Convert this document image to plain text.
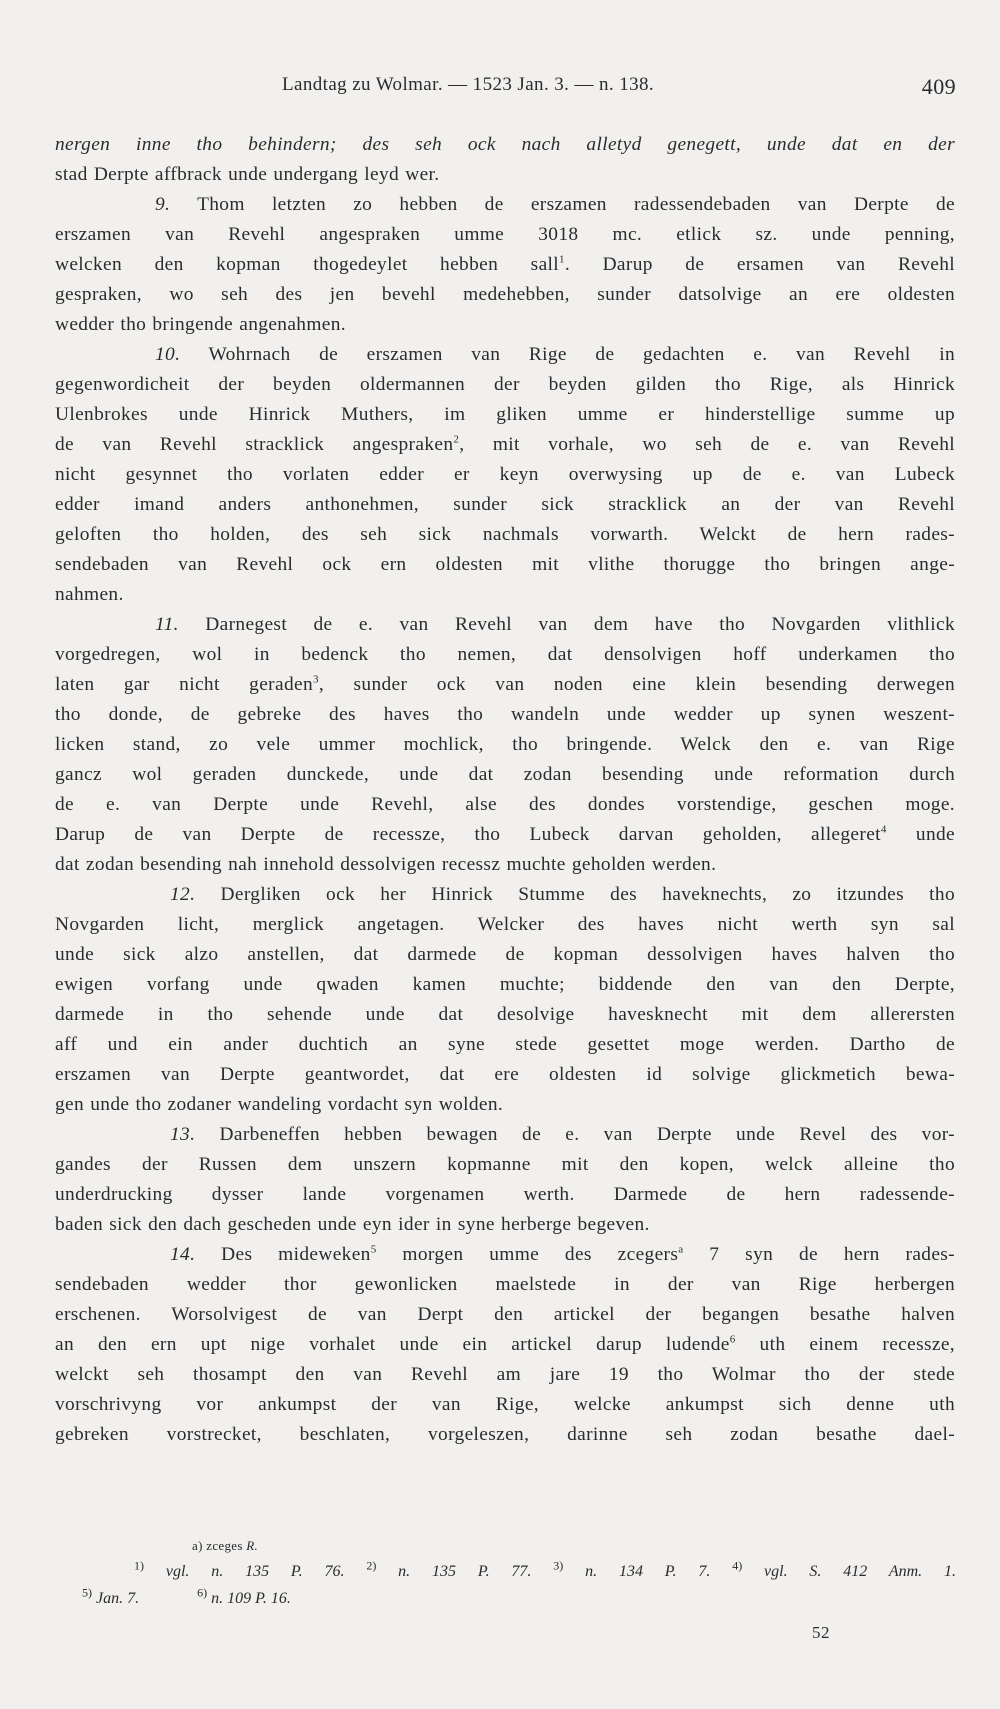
Landtag zu Wolmar. — 1523 Jan. 3. — n. 138.	409
nergen inne tho behindern; des seh ock nach alletyd genegett, unde dat en der
stad Derpte affbrack unde undergang leyd wer.
9. Thom letzten zo hebben de erszamen radessendebaden van Derpte de
erszamen van Revehl angespraken umme 3018 mc. etlick sz. unde penning,
welcken den kopman thogedeylet hebben sall$^1$. Darup de ersamen van Revehl
gespraken, wo seh des jen bevehl medehebben, sunder datsolvige an ere oldesten
wedder tho bringende angenahmen.
10. Wohrnach de erszamen van Rige de gedachten e. van Revehl in
gegenwordicheit der beyden oldermannen der beyden gilden tho Rige, als Hinrick
Ulenbrokes unde Hinrick Muthers, im gliken umme er hinderstellige summe up
de van Revehl stracklick angespraken$^2$, mit vorhale, wo seh de e. van Revehl
nicht gesynnet tho vorlaten edder er keyn overwysing up de e. van Lubeck
edder imand anders anthonehmen, sunder sick stracklick an der van Revehl
geloften tho holden, des seh sick nachmals vorwarth. Welckt de hern rades-
sendebaden van Revehl ock ern oldesten mit vlithe thorugge tho bringen ange-
nahmen.
11. Darnegest de e. van Revehl van dem have tho Novgarden vlithlick
vorgedregen, wol in bedenck tho nemen, dat densolvigen hoff underkamen tho
laten gar nicht geraden$^3$, sunder ock van noden eine klein besending derwegen
tho donde, de gebreke des haves tho wandeln unde wedder up synen weszent-
licken stand, zo vele ummer mochlick, tho bringende. Welck den e. van Rige
gancz wol geraden dunckede, unde dat zodan besending unde reformation durch
de e. van Derpte unde Revehl, alse des dondes vorstendige, geschen moge.
Darup de van Derpte de recessze, tho Lubeck darvan geholden, allegeret$^4$ unde
dat zodan besending nah innehold dessolvigen recessz muchte geholden werden.
12. Dergliken ock her Hinrick Stumme des haveknechts, zo itzundes tho
Novgarden licht, merglick angetagen. Welcker des haves nicht werth syn sal
unde sick alzo anstellen, dat darmede de kopman dessolvigen haves halven tho
ewigen vorfang unde qwaden kamen muchte; biddende den van den Derpte,
darmede in tho sehende unde dat desolvige havesknecht mit dem allerersten
aff und ein ander duchtich an syne stede gesettet moge werden. Dartho de
erszamen van Derpte geantwordet, dat ere oldesten id solvige glickmetich bewa-
gen unde tho zodaner wandeling vordacht syn wolden.
13. Darbeneffen hebben bewagen de e. van Derpte unde Revel des vor-
gandes der Russen dem unszern kopmanne mit den kopen, welck alleine tho
underdrucking dysser lande vorgenamen werth. Darmede de hern radessende-
baden sick den dach gescheden unde eyn ider in syne herberge begeven.
14. Des mideweken$^5$ morgen umme des zcegers$^a$ 7 syn de hern rades-
sendebaden wedder thor gewonlicken maelstede in der van Rige herbergen
erschenen. Worsolvigest de van Derpt den artickel der begangen besathe halven
an den ern upt nige vorhalet unde ein artickel darup ludende$^6$ uth einem recessze,
welckt seh thosampt den van Revehl am jare 19 tho Wolmar tho der stede
vorschrivyng vor ankumpst der van Rige, welcke ankumpst sich denne uth
gebreken vorstrecket, beschlaten, vorgeleszen, darinne seh zodan besathe dael-
a) zceges R.
$^{1)}$ vgl. n. 135 P. 76. $^{2)}$ n. 135 P. 77. $^{3)}$ n. 134 P. 7. $^{4)}$ vgl. S. 412 Anm. 1.
$^{5)}$ Jan. 7.	$^{6)}$ n. 109 P. 16.
52
